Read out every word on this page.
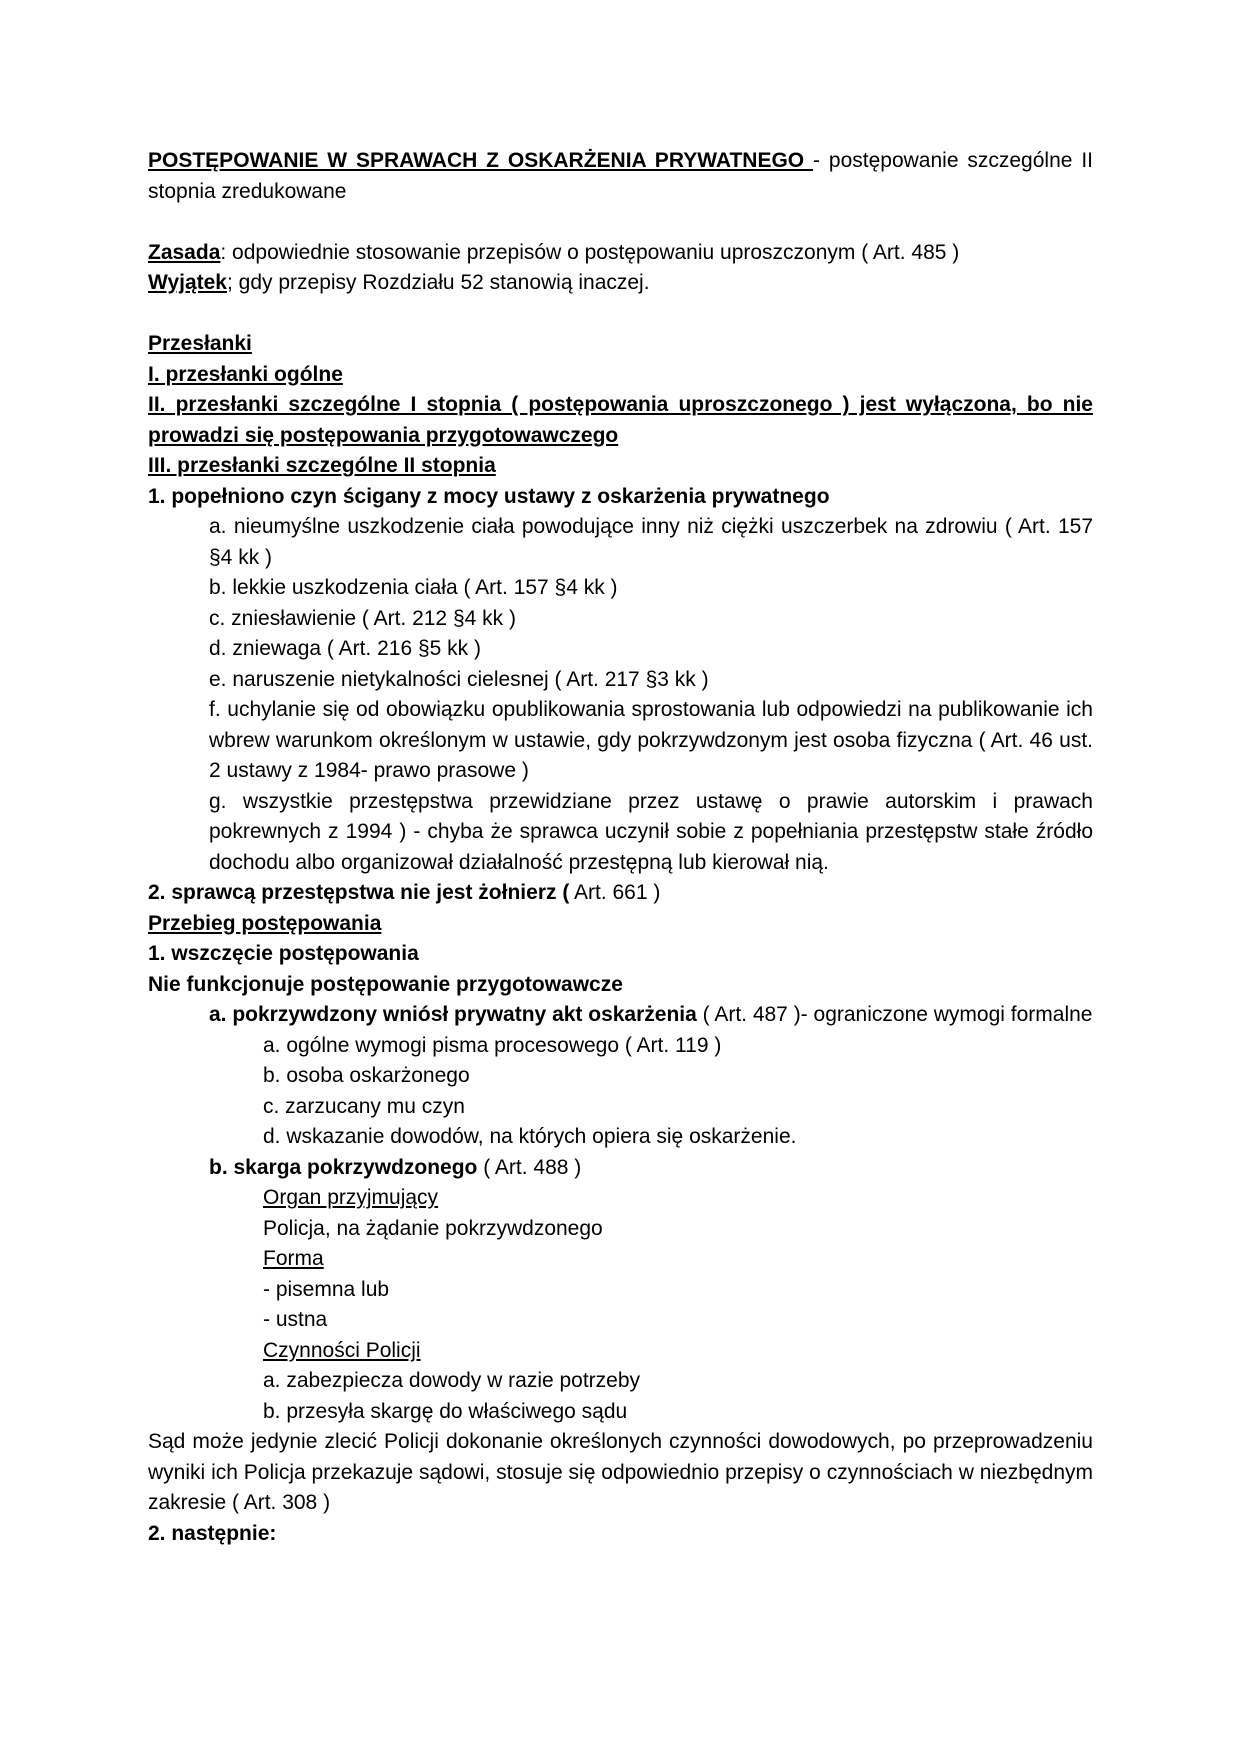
POSTĘPOWANIE W SPRAWACH Z OSKARŻENIA PRYWATNEGO - postępowanie szczególne II stopnia zredukowane

Zasada: odpowiednie stosowanie przepisów o postępowaniu uproszczonym ( Art. 485 )

Wyjątek; gdy przepisy Rozdziału 52 stanowią inaczej.

Przesłanki

I. przesłanki ogólne

II. przesłanki szczególne I stopnia ( postępowania uproszczonego ) jest wyłączona, bo nie prowadzi się postępowania przygotowawczego

III. przesłanki szczególne II stopnia

1. popełniono czyn ścigany z mocy ustawy z oskarżenia prywatnego

a. nieumyślne uszkodzenie ciała powodujące inny niż ciężki uszczerbek na zdrowiu ( Art. 157 §4 kk )

b. lekkie uszkodzenia ciała ( Art. 157 §4 kk )

c. zniesławienie ( Art. 212 §4 kk )

d. zniewaga ( Art. 216 §5 kk )

e. naruszenie nietykalności cielesnej ( Art. 217 §3 kk )

f. uchylanie się od obowiązku opublikowania sprostowania lub odpowiedzi na publikowanie ich wbrew warunkom określonym w ustawie, gdy pokrzywdzonym jest osoba fizyczna ( Art. 46 ust. 2 ustawy z 1984- prawo prasowe )

g. wszystkie przestępstwa przewidziane przez ustawę o prawie autorskim i prawach pokrewnych z 1994 ) - chyba że sprawca uczynił sobie z popełniania przestępstw stałe źródło dochodu albo organizował działalność przestępną lub kierował nią.

2. sprawcą przestępstwa nie jest żołnierz ( Art. 661 )

Przebieg postępowania

1. wszczęcie postępowania

Nie funkcjonuje postępowanie przygotowawcze

a. pokrzywdzony wniósł prywatny akt oskarżenia ( Art. 487 )- ograniczone wymogi formalne

a. ogólne wymogi pisma procesowego ( Art. 119 )

b. osoba oskarżonego

c. zarzucany mu czyn

d. wskazanie dowodów, na których opiera się oskarżenie.

b. skarga pokrzywdzonego ( Art. 488 )

Organ przyjmujący

Policja, na żądanie pokrzywdzonego

Forma

- pisemna lub

- ustna

Czynności Policji

a. zabezpiecza dowody w razie potrzeby

b. przesyła skargę do właściwego sądu

Sąd może jedynie zlecić Policji dokonanie określonych czynności dowodowych, po przeprowadzeniu wyniki ich Policja przekazuje sądowi, stosuje się odpowiednio przepisy o czynnościach w niezbędnym zakresie ( Art. 308 )

2. następnie:
